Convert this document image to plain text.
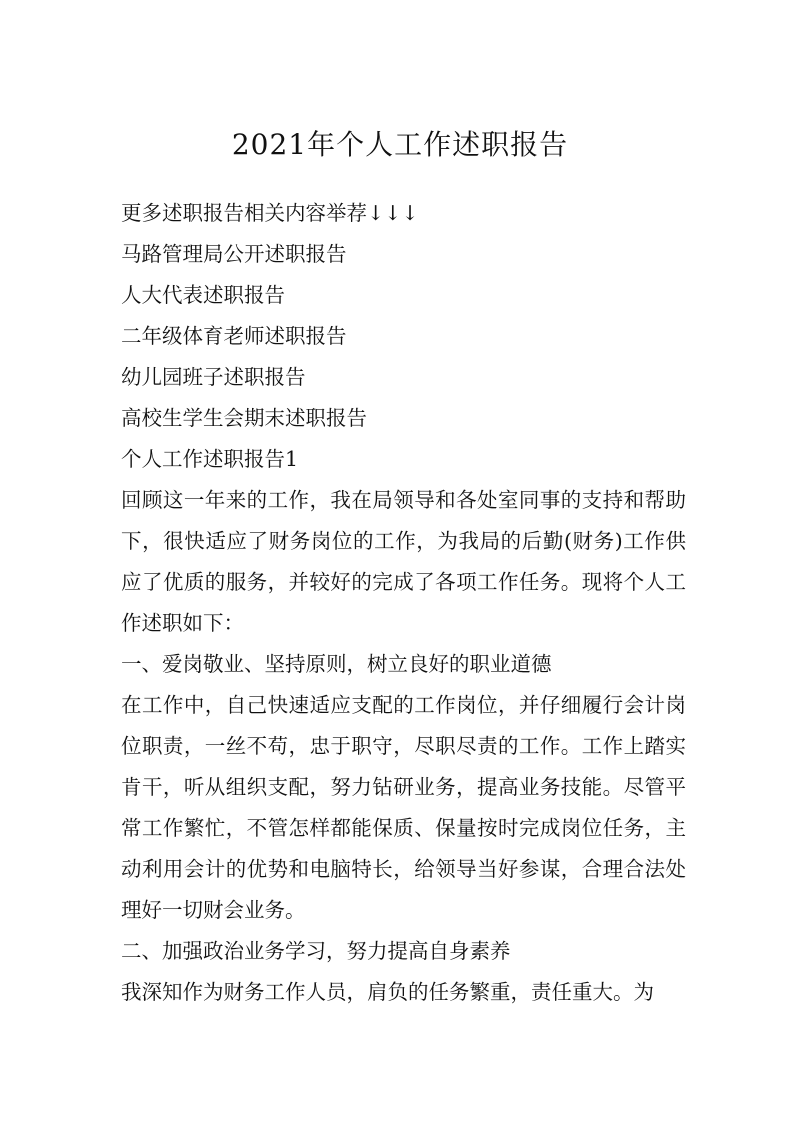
2021年个人工作述职报告
更多述职报告相关内容举荐↓↓↓
马路管理局公开述职报告
人大代表述职报告
二年级体育老师述职报告
幼儿园班子述职报告
高校生学生会期末述职报告
个人工作述职报告1
回顾这一年来的工作，我在局领导和各处室同事的支持和帮助下，很快适应了财务岗位的工作，为我局的后勤(财务)工作供应了优质的服务，并较好的完成了各项工作任务。现将个人工作述职如下：
一、爱岗敬业、坚持原则，树立良好的职业道德
在工作中，自己快速适应支配的工作岗位，并仔细履行会计岗位职责，一丝不苟，忠于职守，尽职尽责的工作。工作上踏实肯干，听从组织支配，努力钻研业务，提高业务技能。尽管平常工作繁忙，不管怎样都能保质、保量按时完成岗位任务，主动利用会计的优势和电脑特长，给领导当好参谋，合理合法处理好一切财会业务。
二、加强政治业务学习，努力提高自身素养
我深知作为财务工作人员，肩负的任务繁重，责任重大。为
